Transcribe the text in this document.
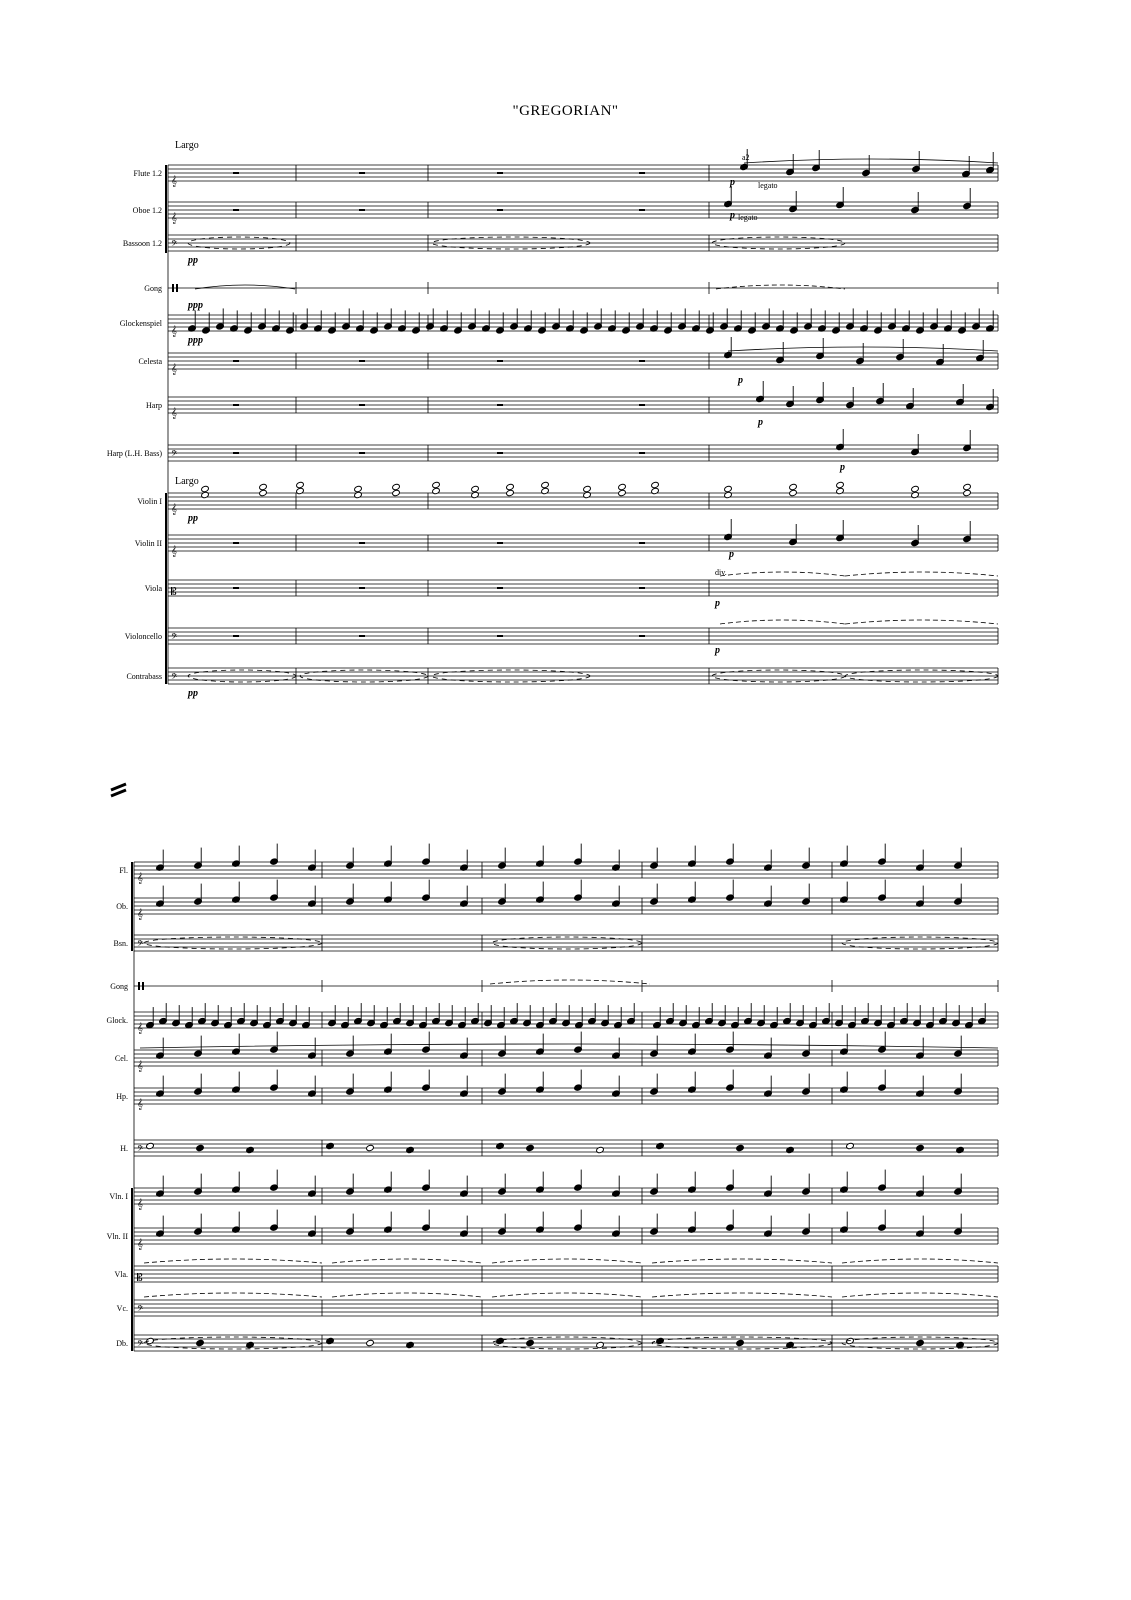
"GREGORIAN"
Largo
Largo
Flute 1.2
𝄞
Oboe 1.2
𝄞
Bassoon 1.2 𝄢
pp
Gong
ppp
Glockenspiel
𝄞
ppp
Celesta
𝄞
Harp
𝄞
Harp (L.H. Bass) 𝄢
Violin I
𝄞
pp
Violin II
𝄞
Viola 𝄡
Violoncello 𝄢
Contrabass 𝄢
pp
a2
legato
legato
div.
p
p
p
p
p
p
p
p
Fl.
𝄞
Ob.
𝄞
Bsn. 𝄢
Gong
Glock.
𝄞
Cel.
𝄞
Hp.
𝄞
H. 𝄢
Vln. I
𝄞
Vln. II
𝄞
Vla. 𝄡
Vc. 𝄢
Db. 𝄢
